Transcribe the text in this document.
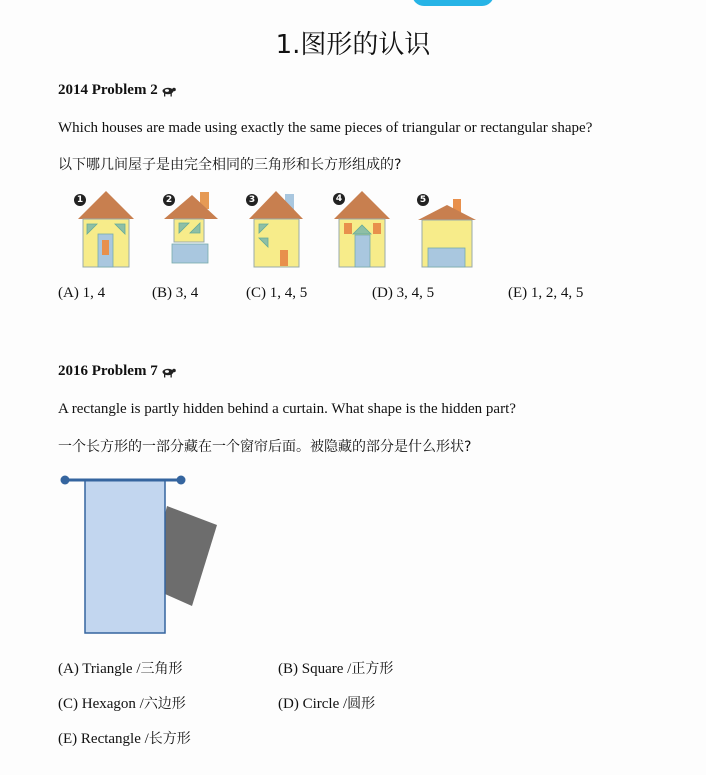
1.图形的认识
2014 Problem 2
Which houses are made using exactly the same pieces of triangular or rectangular shape?
以下哪几间屋子是由完全相同的三角形和长方形组成的?
1	2	3	4	5
(A) 1, 4	(B) 3, 4	(C) 1, 4, 5	(D) 3, 4, 5	(E) 1, 2, 4, 5
2016 Problem 7
A rectangle is partly hidden behind a curtain. What shape is the hidden part?
一个长方形的一部分藏在一个窗帘后面。被隐藏的部分是什么形状?
(A) Triangle /三角形	(B) Square /正方形
(C) Hexagon /六边形	(D) Circle /圆形
(E) Rectangle /长方形
